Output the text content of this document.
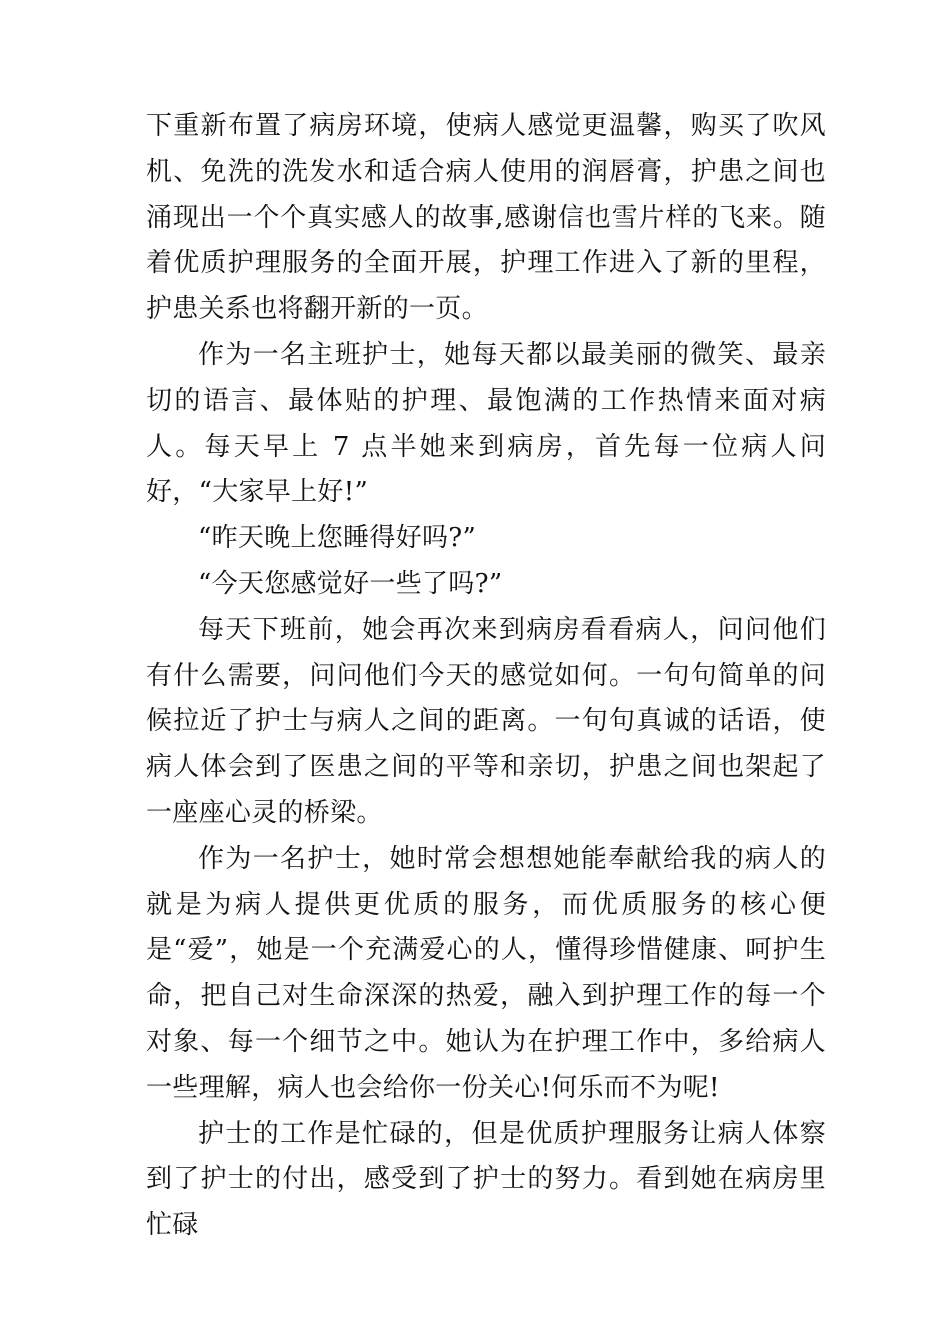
下重新布置了病房环境，使病人感觉更温馨，购买了吹风机、免洗的洗发水和适合病人使用的润唇膏，护患之间也涌现出一个个真实感人的故事,感谢信也雪片样的飞来。随着优质护理服务的全面开展，护理工作进入了新的里程，护患关系也将翻开新的一页。

作为一名主班护士，她每天都以最美丽的微笑、最亲切的语言、最体贴的护理、最饱满的工作热情来面对病人。每天早上 7 点半她来到病房，首先每一位病人问好，“大家早上好!”

“昨天晚上您睡得好吗?”

“今天您感觉好一些了吗?”

每天下班前，她会再次来到病房看看病人，问问他们有什么需要，问问他们今天的感觉如何。一句句简单的问候拉近了护士与病人之间的距离。一句句真诚的话语，使病人体会到了医患之间的平等和亲切，护患之间也架起了一座座心灵的桥梁。

作为一名护士，她时常会想想她能奉献给我的病人的就是为病人提供更优质的服务，而优质服务的核心便是“爱”，她是一个充满爱心的人，懂得珍惜健康、呵护生命，把自己对生命深深的热爱，融入到护理工作的每一个对象、每一个细节之中。她认为在护理工作中，多给病人一些理解，病人也会给你一份关心!何乐而不为呢!

护士的工作是忙碌的，但是优质护理服务让病人体察到了护士的付出，感受到了护士的努力。看到她在病房里忙碌
